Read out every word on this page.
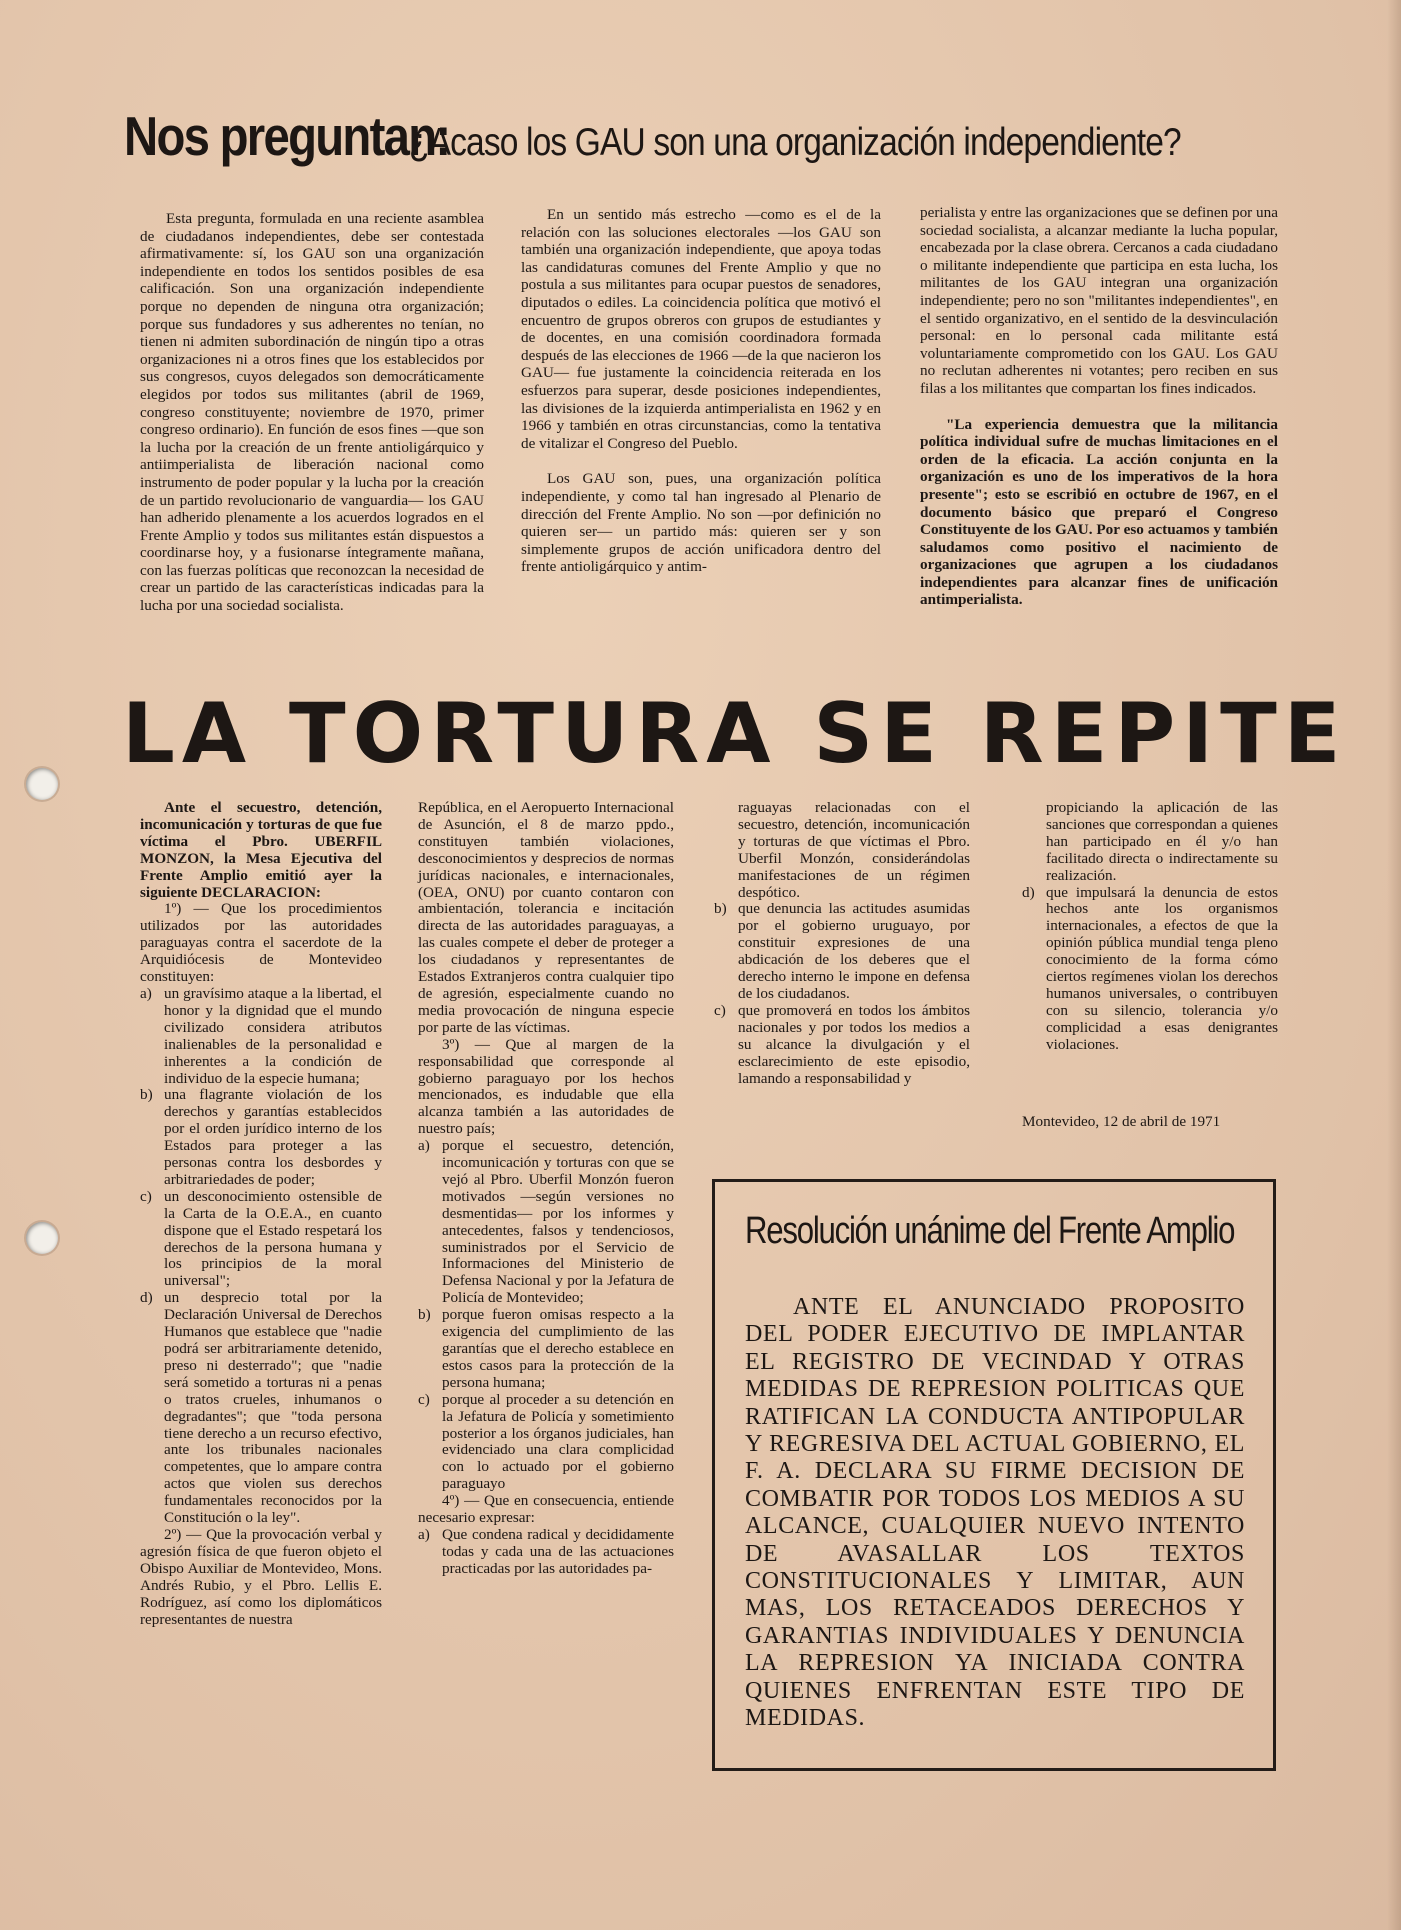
Nos preguntan: ¿Acaso los GAU son una organización independiente?

Esta pregunta, formulada en una reciente asamblea de ciudadanos independientes, debe ser contestada afirmativamente: sí, los GAU son una organización independiente en todos los sentidos posibles de esa calificación. Son una organización independiente porque no dependen de ninguna otra organización; porque sus fundadores y sus adherentes no tenían, no tienen ni admiten subordinación de ningún tipo a otras organizaciones ni a otros fines que los establecidos por sus congresos, cuyos delegados son democráticamente elegidos por todos sus militantes (abril de 1969, congreso constituyente; noviembre de 1970, primer congreso ordinario). En función de esos fines —que son la lucha por la creación de un frente antioligárquico y antiimperialista de liberación nacional como instrumento de poder popular y la lucha por la creación de un partido revolucionario de vanguardia— los GAU han adherido plenamente a los acuerdos logrados en el Frente Amplio y todos sus militantes están dispuestos a coordinarse hoy, y a fusionarse íntegramente mañana, con las fuerzas políticas que reconozcan la necesidad de crear un partido de las características indicadas para la lucha por una sociedad socialista.

En un sentido más estrecho —como es el de la relación con las soluciones electorales —los GAU son también una organización independiente, que apoya todas las candidaturas comunes del Frente Amplio y que no postula a sus militantes para ocupar puestos de senadores, diputados o ediles. La coincidencia política que motivó el encuentro de grupos obreros con grupos de estudiantes y de docentes, en una comisión coordinadora formada después de las elecciones de 1966 —de la que nacieron los GAU— fue justamente la coincidencia reiterada en los esfuerzos para superar, desde posiciones independientes, las divisiones de la izquierda antimperialista en 1962 y en 1966 y también en otras circunstancias, como la tentativa de vitalizar el Congreso del Pueblo.

Los GAU son, pues, una organización política independiente, y como tal han ingresado al Plenario de dirección del Frente Amplio. No son —por definición no quieren ser— un partido más: quieren ser y son simplemente grupos de acción unificadora dentro del frente antioligárquico y antim-

perialista y entre las organizaciones que se definen por una sociedad socialista, a alcanzar mediante la lucha popular, encabezada por la clase obrera. Cercanos a cada ciudadano o militante independiente que participa en esta lucha, los militantes de los GAU integran una organización independiente; pero no son "militantes independientes", en el sentido organizativo, en el sentido de la desvinculación personal: en lo personal cada militante está voluntariamente comprometido con los GAU. Los GAU no reclutan adherentes ni votantes; pero reciben en sus filas a los militantes que compartan los fines indicados.

"La experiencia demuestra que la militancia política individual sufre de muchas limitaciones en el orden de la eficacia. La acción conjunta en la organización es uno de los imperativos de la hora presente"; esto se escribió en octubre de 1967, en el documento básico que preparó el Congreso Constituyente de los GAU. Por eso actuamos y también saludamos como positivo el nacimiento de organizaciones que agrupen a los ciudadanos independientes para alcanzar fines de unificación antimperialista.

LA TORTURA SE REPITE

Ante el secuestro, detención, incomunicación y torturas de que fue víctima el Pbro. UBERFIL MONZON, la Mesa Ejecutiva del Frente Amplio emitió ayer la siguiente DECLARACION:

1º) — Que los procedimientos utilizados por las autoridades paraguayas contra el sacerdote de la Arquidiócesis de Montevideo constituyen:

a) un gravísimo ataque a la libertad, el honor y la dignidad que el mundo civilizado considera atributos inalienables de la personalidad e inherentes a la condición de individuo de la especie humana;
b) una flagrante violación de los derechos y garantías establecidos por el orden jurídico interno de los Estados para proteger a las personas contra los desbordes y arbitrariedades de poder;
c) un desconocimiento ostensible de la Carta de la O.E.A., en cuanto dispone que el Estado respetará los derechos de la persona humana y los principios de la moral universal";
d) un desprecio total por la Declaración Universal de Derechos Humanos que establece que "nadie podrá ser arbitrariamente detenido, preso ni desterrado"; que "nadie será sometido a torturas ni a penas o tratos crueles, inhumanos o degradantes"; que "toda persona tiene derecho a un recurso efectivo, ante los tribunales nacionales competentes, que lo ampare contra actos que violen sus derechos fundamentales reconocidos por la Constitución o la ley".

2º) — Que la provocación verbal y agresión física de que fueron objeto el Obispo Auxiliar de Montevideo, Mons. Andrés Rubio, y el Pbro. Lellis E. Rodríguez, así como los diplomáticos representantes de nuestra

República, en el Aeropuerto Internacional de Asunción, el 8 de marzo ppdo., constituyen también violaciones, desconocimientos y desprecios de normas jurídicas nacionales, e internacionales, (OEA, ONU) por cuanto contaron con ambientación, tolerancia e incitación directa de las autoridades paraguayas, a las cuales compete el deber de proteger a los ciudadanos y representantes de Estados Extranjeros contra cualquier tipo de agresión, especialmente cuando no media provocación de ninguna especie por parte de las víctimas.

3º) — Que al margen de la responsabilidad que corresponde al gobierno paraguayo por los hechos mencionados, es indudable que ella alcanza también a las autoridades de nuestro país;

a) porque el secuestro, detención, incomunicación y torturas con que se vejó al Pbro. Uberfil Monzón fueron motivados —según versiones no desmentidas— por los informes y antecedentes, falsos y tendenciosos, suministrados por el Servicio de Informaciones del Ministerio de Defensa Nacional y por la Jefatura de Policía de Montevideo;
b) porque fueron omisas respecto a la exigencia del cumplimiento de las garantías que el derecho establece en estos casos para la protección de la persona humana;
c) porque al proceder a su detención en la Jefatura de Policía y sometimiento posterior a los órganos judiciales, han evidenciado una clara complicidad con lo actuado por el gobierno paraguayo

4º) — Que en consecuencia, entiende necesario expresar:

a) Que condena radical y decididamente todas y cada una de las actuaciones practicadas por las autoridades pa-

raguayas relacionadas con el secuestro, detención, incomunicación y torturas de que víctimas el Pbro. Uberfil Monzón, considerándolas manifestaciones de un régimen despótico.

b) que denuncia las actitudes asumidas por el gobierno uruguayo, por constituir expresiones de una abdicación de los deberes que el derecho interno le impone en defensa de los ciudadanos.
c) que promoverá en todos los ámbitos nacionales y por todos los medios a su alcance la divulgación y el esclarecimiento de este episodio, lamando a responsabilidad y

propiciando la aplicación de las sanciones que correspondan a quienes han participado en él y/o han facilitado directa o indirectamente su realización.

d) que impulsará la denuncia de estos hechos ante los organismos internacionales, a efectos de que la opinión pública mundial tenga pleno conocimiento de la forma cómo ciertos regímenes violan los derechos humanos universales, o contribuyen con su silencio, tolerancia y/o complicidad a esas denigrantes violaciones.
Montevideo, 12 de abril de 1971
Resolución unánime del Frente Amplio
ANTE EL ANUNCIADO PROPOSITO DEL PODER EJECUTIVO DE IMPLANTAR EL REGISTRO DE VECINDAD Y OTRAS MEDIDAS DE REPRESION POLITICAS QUE RATIFICAN LA CONDUCTA ANTIPOPULAR Y REGRESIVA DEL ACTUAL GOBIERNO, EL F. A. DECLARA SU FIRME DECISION DE COMBATIR POR TODOS LOS MEDIOS A SU ALCANCE, CUALQUIER NUEVO INTENTO DE AVASALLAR LOS TEXTOS CONSTITUCIONALES Y LIMITAR, AUN MAS, LOS RETACEADOS DERECHOS Y GARANTIAS INDIVIDUALES Y DENUNCIA LA REPRESION YA INICIADA CONTRA QUIENES ENFRENTAN ESTE TIPO DE MEDIDAS.
